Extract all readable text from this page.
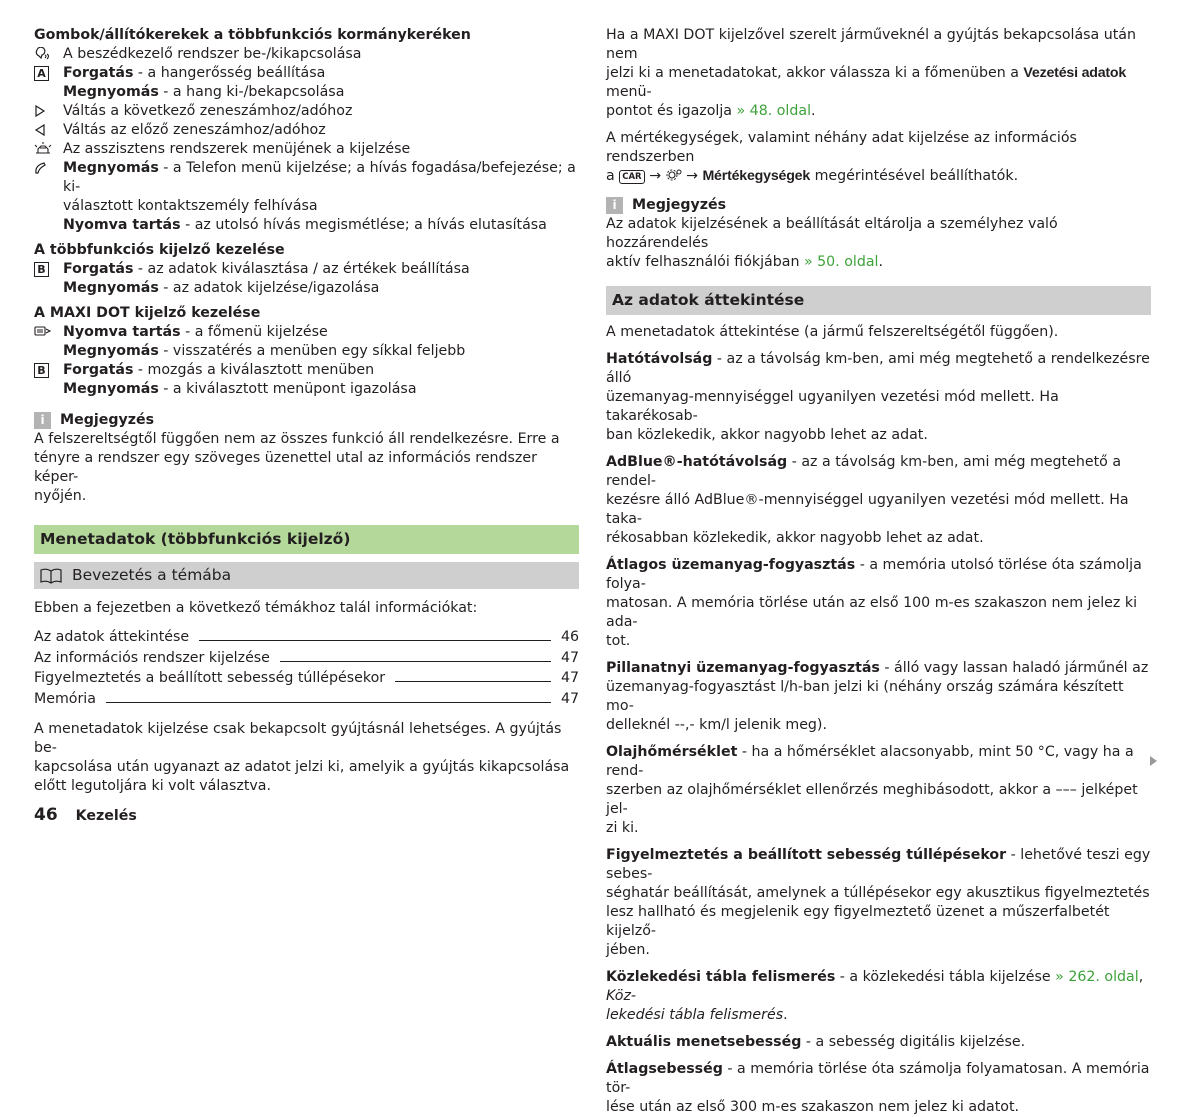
Gombok/állítókerekek a többfunkciós kormánykeréken
A beszédkezelő rendszer be-/kikapcsolása
A Forgatás - a hangerősség beállítása
Megnyomás - a hang ki-/bekapcsolása
Váltás a következő zeneszámhoz/adóhoz
Váltás az előző zeneszámhoz/adóhoz
Az asszisztens rendszerek menüjének a kijelzése
Megnyomás - a Telefon menü kijelzése; a hívás fogadása/befejezése; a ki-
választott kontaktszemély felhívása
Nyomva tartás - az utolsó hívás megismétlése; a hívás elutasítása
A többfunkciós kijelző kezelése
B Forgatás - az adatok kiválasztása / az értékek beállítása
Megnyomás - az adatok kijelzése/igazolása
A MAXI DOT kijelző kezelése
Nyomva tartás - a főmenü kijelzése
Megnyomás - visszatérés a menüben egy síkkal feljebb
B Forgatás - mozgás a kiválasztott menüben
Megnyomás - a kiválasztott menüpont igazolása
i	Megjegyzés

A felszereltségtől függően nem az összes funkció áll rendelkezésre. Erre a

tényre a rendszer egy szöveges üzenettel utal az információs rendszer képer-

nyőjén.

Menetadatok (többfunkciós kijelző)
Bevezetés a témába

Ebben a fejezetben a következő témákhoz talál információkat:

Az adatok áttekintése	46
Az információs rendszer kijelzése	47
Figyelmeztetés a beállított sebesség túllépésekor	47
Memória	47

A menetadatok kijelzése csak bekapcsolt gyújtásnál lehetséges. A gyújtás be-

kapcsolása után ugyanazt az adatot jelzi ki, amelyik a gyújtás kikapcsolása

előtt legutoljára ki volt választva.

Ha a MAXI DOT kijelzővel szerelt járműveknél a gyújtás bekapcsolása után nem

jelzi ki a menetadatokat, akkor válassza ki a főmenüben a Vezetési adatok menü-

pontot és igazolja » 48. oldal.

A mértékegységek, valamint néhány adat kijelzése az információs rendszerben

a CAR →
→ Mértékegységek megérintésével beállíthatók.

i	Megjegyzés

Az adatok kijelzésének a beállítását eltárolja a személyhez való hozzárendelés

aktív felhasználói fiókjában » 50. oldal.

Az adatok áttekintése

A menetadatok áttekintése (a jármű felszereltségétől függően).

Hatótávolság - az a távolság km-ben, ami még megtehető a rendelkezésre álló

üzemanyag-mennyiséggel ugyanilyen vezetési mód mellett. Ha takarékosab-

ban közlekedik, akkor nagyobb lehet az adat.

AdBlue®-hatótávolság - az a távolság km-ben, ami még megtehető a rendel-

kezésre álló AdBlue®-mennyiséggel ugyanilyen vezetési mód mellett. Ha taka-

rékosabban közlekedik, akkor nagyobb lehet az adat.

Átlagos üzemanyag-fogyasztás - a memória utolsó törlése óta számolja folya-

matosan. A memória törlése után az első 100 m-es szakaszon nem jelez ki ada-

tot.

Pillanatnyi üzemanyag-fogyasztás - álló vagy lassan haladó járműnél az

üzemanyag-fogyasztást l/h-ban jelzi ki (néhány ország számára készített mo-

delleknél --,- km/l jelenik meg).

Olajhőmérséklet - ha a hőmérséklet alacsonyabb, mint 50 °C, vagy ha a rend-

szerben az olajhőmérséklet ellenőrzés meghibásodott, akkor a ––– jelképet jel-

zi ki.

Figyelmeztetés a beállított sebesség túllépésekor - lehetővé teszi egy sebes-

séghatár beállítását, amelynek a túllépésekor egy akusztikus figyelmeztetés

lesz hallható és megjelenik egy figyelmeztető üzenet a műszerfalbetét kijelző-

jében.

Közlekedési tábla felismerés - a közlekedési tábla kijelzése » 262. oldal, Köz-

lekedési tábla felismerés.

Aktuális menetsebesség - a sebesség digitális kijelzése.

Átlagsebesség - a memória törlése óta számolja folyamatosan. A memória tör-

lése után az első 300 m-es szakaszon nem jelez ki adatot.

46 Kezelés
